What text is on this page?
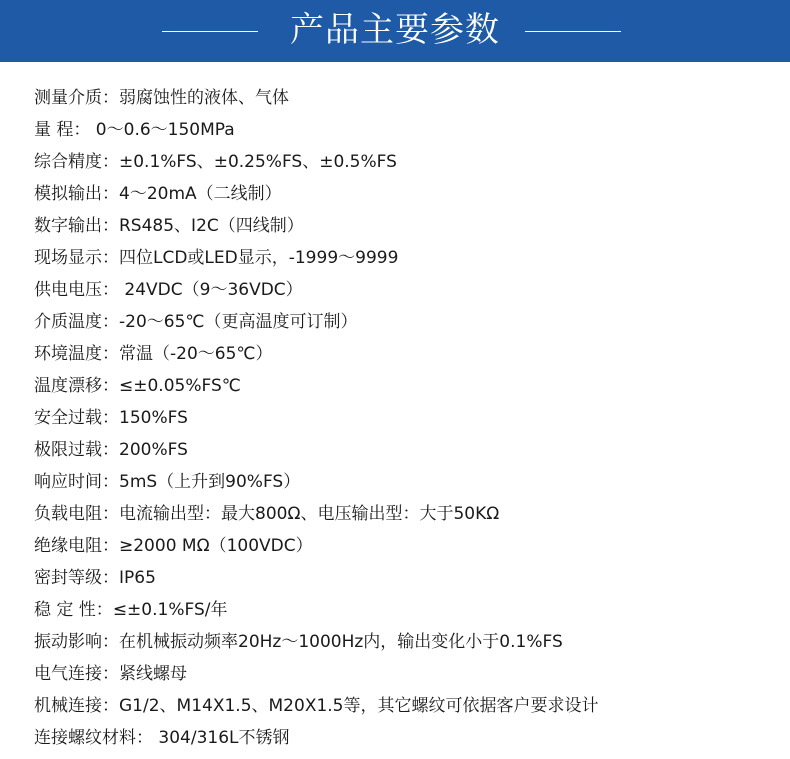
产品主要参数
测量介质：弱腐蚀性的液体、气体
量 程： 0～0.6～150MPa
综合精度：±0.1%FS、±0.25%FS、±0.5%FS
模拟输出：4～20mA（二线制）
数字输出：RS485、I2C（四线制）
现场显示：四位LCD或LED显示，-1999～9999
供电电压： 24VDC（9～36VDC）
介质温度：-20～65℃（更高温度可订制）
环境温度：常温（-20～65℃）
温度漂移：≤±0.05%FS℃
安全过载：150%FS
极限过载：200%FS
响应时间：5mS（上升到90%FS）
负载电阻：电流输出型：最大800Ω、电压输出型：大于50KΩ
绝缘电阻：≥2000 MΩ（100VDC）
密封等级：IP65
稳 定 性：≤±0.1%FS/年
振动影响：在机械振动频率20Hz～1000Hz内，输出变化小于0.1%FS
电气连接：紧线螺母
机械连接：G1/2、M14X1.5、M20X1.5等，其它螺纹可依据客户要求设计
连接螺纹材料： 304/316L不锈钢
